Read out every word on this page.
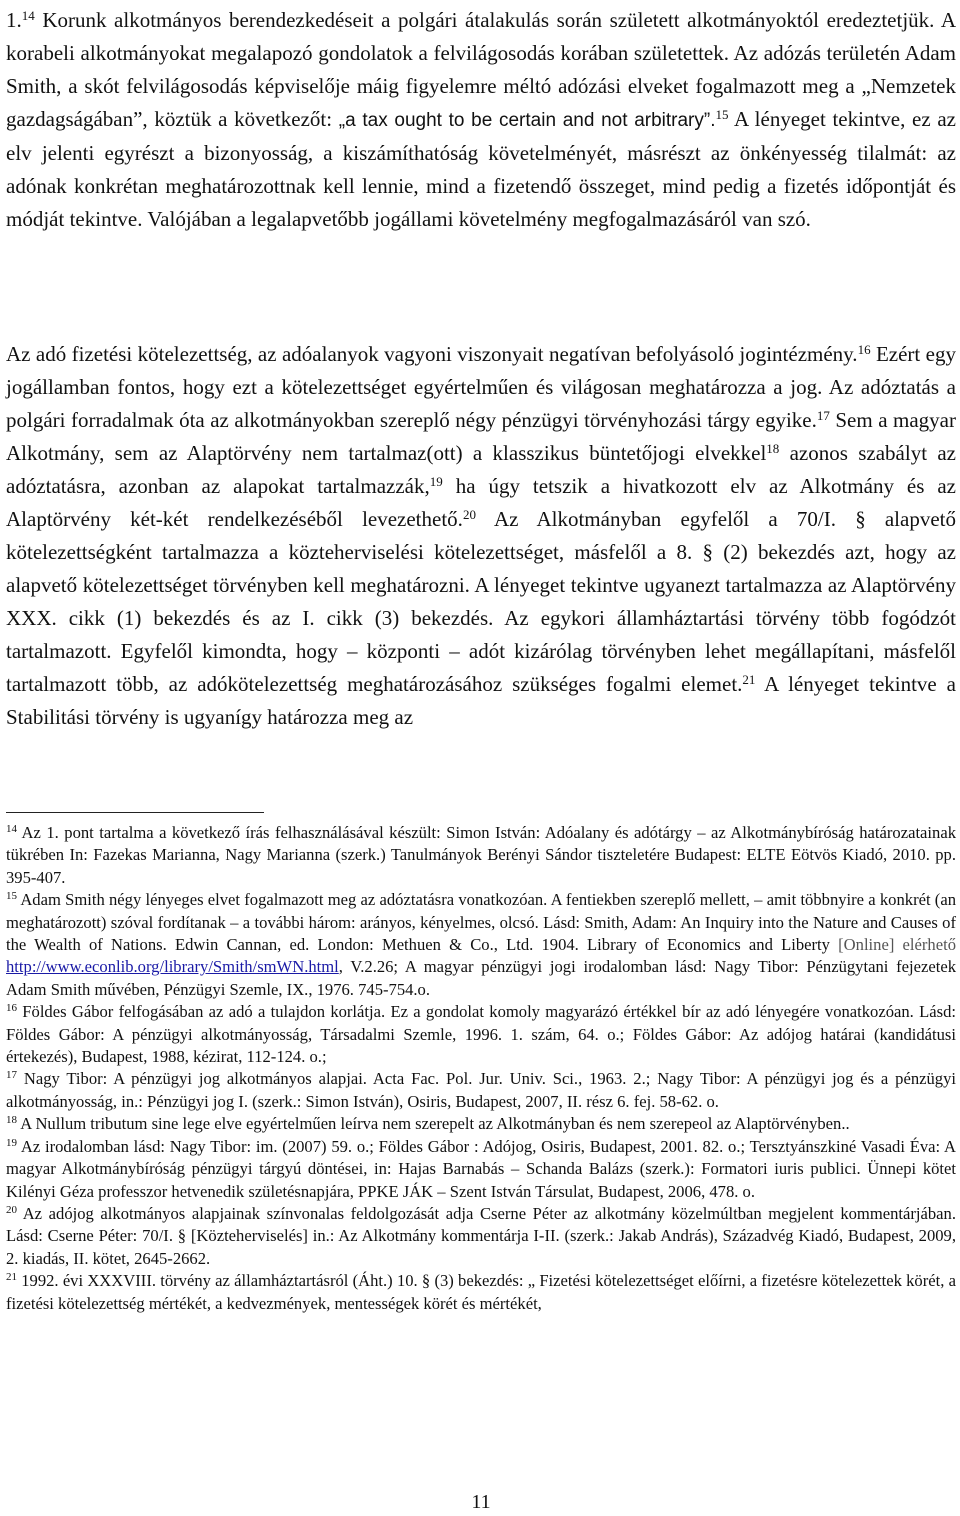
1.14 Korunk alkotmányos berendezkedéseit a polgári átalakulás során született alkotmányoktól eredeztetjük. A korabeli alkotmányokat megalapozó gondolatok a felvilágosodás korában születettek. Az adózás területén Adam Smith, a skót felvilágosodás képviselője máig figyelemre méltó adózási elveket fogalmazott meg a „Nemzetek gazdagságában”, köztük a következőt: „a tax ought to be certain and not arbitrary”.$^{15}$ A lényeget tekintve, ez az elv jelenti egyrészt a bizonyosság, a kiszámíthatóság követelményét, másrészt az önkényesség tilalmát: az adónak konkrétan meghatározottnak kell lennie, mind a fizetendő összeget, mind pedig a fizetés időpontját és módját tekintve. Valójában a legalapvetőbb jogállami követelmény megfogalmazásáról van szó.

Az adó fizetési kötelezettség, az adóalanyok vagyoni viszonyait negatívan befolyásoló jogintézmény.$^{16}$ Ezért egy jogállamban fontos, hogy ezt a kötelezettséget egyértelműen és világosan meghatározza a jog. Az adóztatás a polgári forradalmak óta az alkotmányokban szereplő négy pénzügyi törvényhozási tárgy egyike.$^{17}$ Sem a magyar Alkotmány, sem az Alaptörvény nem tartalmaz(ott) a klasszikus büntetőjogi elvekkel$^{18}$ azonos szabályt az adóztatásra, azonban az alapokat tartalmazzák,$^{19}$ ha úgy tetszik a hivatkozott elv az Alkotmány és az Alaptörvény két-két rendelkezéséből levezethető.$^{20}$ Az Alkotmányban egyfelől a 70/I. § alapvető kötelezettségként tartalmazza a közteherviselési kötelezettséget, másfelől a 8. § (2) bekezdés azt, hogy az alapvető kötelezettséget törvényben kell meghatározni. A lényeget tekintve ugyanezt tartalmazza az Alaptörvény XXX. cikk (1) bekezdés és az I. cikk (3) bekezdés. Az egykori államháztartási törvény több fogódzót tartalmazott. Egyfelől kimondta, hogy – központi – adót kizárólag törvényben lehet megállapítani, másfelől tartalmazott több, az adókötelezettség meghatározásához szükséges fogalmi elemet.$^{21}$ A lényeget tekintve a Stabilitási törvény is ugyanígy határozza meg az

$^{14}$ Az 1. pont tartalma a következő írás felhasználásával készült: Simon István: Adóalany és adótárgy – az Alkotmánybíróság határozatainak tükrében In: Fazekas Marianna, Nagy Marianna (szerk.) Tanulmányok Berényi Sándor tiszteletére Budapest: ELTE Eötvös Kiadó, 2010. pp. 395-407.

$^{15}$ Adam Smith négy lényeges elvet fogalmazott meg az adóztatásra vonatkozóan. A fentiekben szereplő mellett, – amit többnyire a konkrét (an meghatározott) szóval fordítanak – a további három: arányos, kényelmes, olcsó. Lásd: Smith, Adam: An Inquiry into the Nature and Causes of the Wealth of Nations. Edwin Cannan, ed. London: Methuen & Co., Ltd. 1904. Library of Economics and Liberty [Online] elérhető http://www.econlib.org/library/Smith/smWN.html, V.2.26; A magyar pénzügyi jogi irodalomban lásd: Nagy Tibor: Pénzügytani fejezetek Adam Smith művében, Pénzügyi Szemle, IX., 1976. 745-754.o.

$^{16}$ Földes Gábor felfogásában az adó a tulajdon korlátja. Ez a gondolat komoly magyarázó értékkel bír az adó lényegére vonatkozóan. Lásd: Földes Gábor: A pénzügyi alkotmányosság, Társadalmi Szemle, 1996. 1. szám, 64. o.; Földes Gábor: Az adójog határai (kandidátusi értekezés), Budapest, 1988, kézirat, 112-124. o.;

$^{17}$ Nagy Tibor: A pénzügyi jog alkotmányos alapjai. Acta Fac. Pol. Jur. Univ. Sci., 1963. 2.; Nagy Tibor: A pénzügyi jog és a pénzügyi alkotmányosság, in.: Pénzügyi jog I. (szerk.: Simon István), Osiris, Budapest, 2007, II. rész 6. fej. 58-62. o.

$^{18}$ A Nullum tributum sine lege elve egyértelműen leírva nem szerepelt az Alkotmányban és nem szerepeol az Alaptörvényben..

$^{19}$ Az irodalomban lásd: Nagy Tibor: im. (2007) 59. o.; Földes Gábor : Adójog, Osiris, Budapest, 2001. 82. o.; Tersztyánszkiné Vasadi Éva: A magyar Alkotmánybíróság pénzügyi tárgyú döntései, in: Hajas Barnabás – Schanda Balázs (szerk.): Formatori iuris publici. Ünnepi kötet Kilényi Géza professzor hetvenedik születésnapjára, PPKE JÁK – Szent István Társulat, Budapest, 2006, 478. o.

$^{20}$ Az adójog alkotmányos alapjainak színvonalas feldolgozását adja Cserne Péter az alkotmány közelmúltban megjelent kommentárjában. Lásd: Cserne Péter: 70/I. § [Közteherviselés] in.: Az Alkotmány kommentárja I-II. (szerk.: Jakab András), Századvég Kiadó, Budapest, 2009, 2. kiadás, II. kötet, 2645-2662.

$^{21}$ 1992. évi XXXVIII. törvény az államháztartásról (Áht.) 10. § (3) bekezdés: „ Fizetési kötelezettséget előírni, a fizetésre kötelezettek körét, a fizetési kötelezettség mértékét, a kedvezmények, mentességek körét és mértékét,

11
